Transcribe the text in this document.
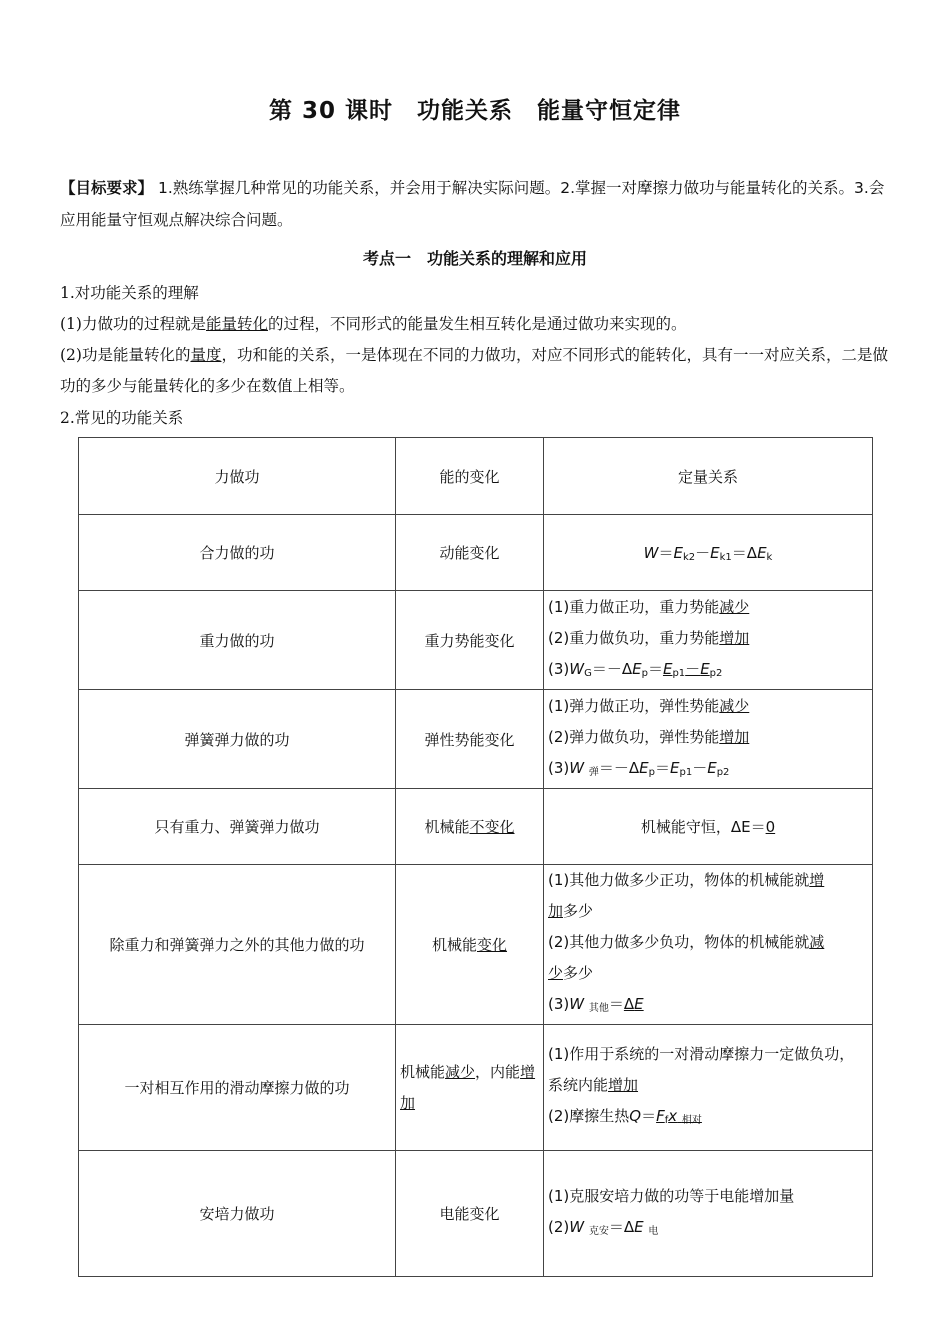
第 30 课时　功能关系　能量守恒定律
【目标要求】 1.熟练掌握几种常见的功能关系，并会用于解决实际问题。2.掌握一对摩擦力做功与能量转化的关系。3.会应用能量守恒观点解决综合问题。
考点一　功能关系的理解和应用
1.对功能关系的理解
(1)力做功的过程就是能量转化的过程，不同形式的能量发生相互转化是通过做功来实现的。
(2)功是能量转化的量度，功和能的关系，一是体现在不同的力做功，对应不同形式的能转化，具有一一对应关系，二是做功的多少与能量转化的多少在数值上相等。
2.常见的功能关系
力做功	能的变化	定量关系
合力做的功	动能变化	$W=E_{k2}-E_{k1}=\Delta E_k$
重力做的功	重力势能变化	(1)重力做正功，重力势能减少
(2)重力做负功，重力势能增加
$(3)W_G=-\Delta E_p=E_{p1}-E_{p2}$

弹簧弹力做的功	弹性势能变化	(1)弹力做正功，弹性势能减少
(2)弹力做负功，弹性势能增加
(3)W $_弹=-\Delta E_p=E_{p1}-E_{p2}$

只有重力、弹簧弹力做功	机械能不变化	机械能守恒，ΔE＝0
除重力和弹簧弹力之外的其他力做的功	机械能变化	(1)其他力做多少正功，物体的机械能就增
加多少
(2)其他力做多少负功，物体的机械能就减
少多少
(3)W $_{其他}$＝ΔE

一对相互作用的滑动摩擦力做的功	机械能减少，内能增加	(1)作用于系统的一对滑动摩擦力一定做负功，系统内能增加
(2)摩擦生热$Q=F_fx$ $_{相对}$

安培力做功	电能变化	(1)克服安培力做的功等于电能增加量
(2)W $_{克安}$＝ΔE $_电$
